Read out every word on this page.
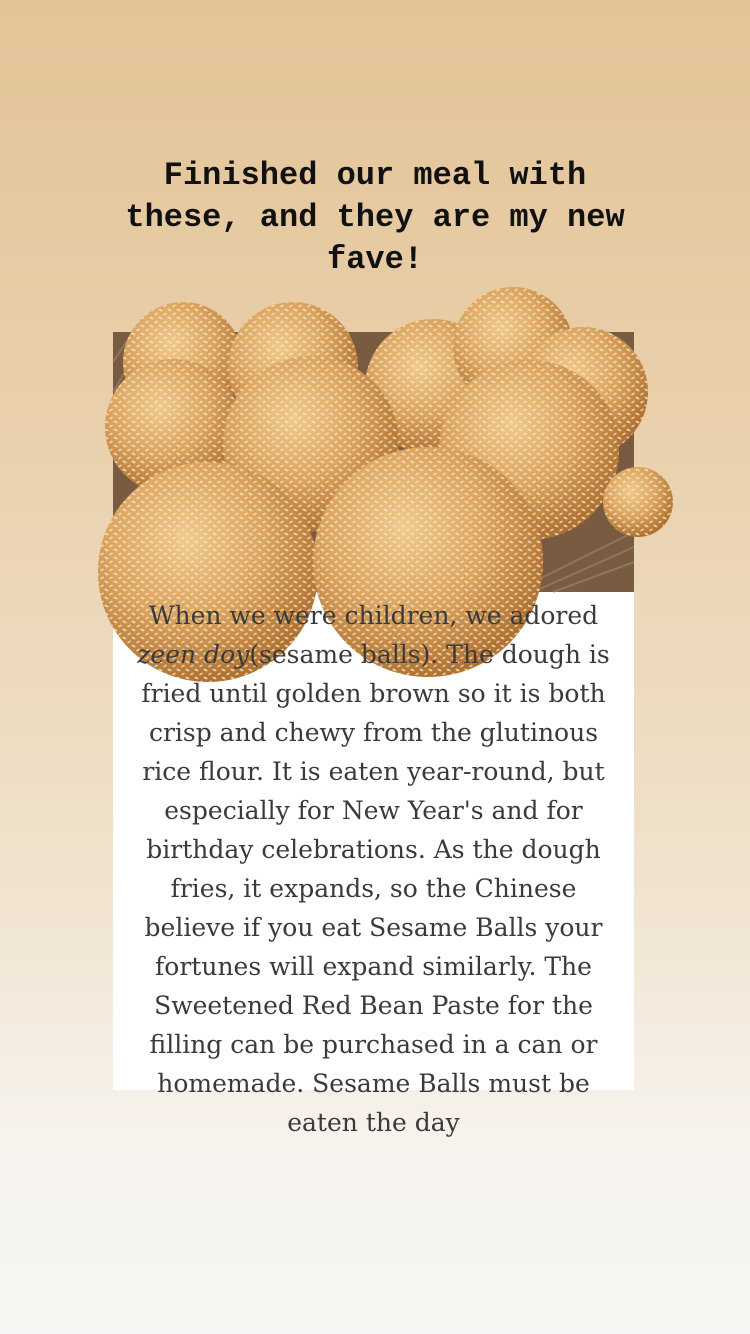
Finished our meal with these, and they are my new fave!

When we were children, we adored zeen doy(sesame balls). The dough is fried until golden brown so it is both crisp and chewy from the glutinous rice flour. It is eaten year-round, but especially for New Year's and for birthday celebrations. As the dough fries, it expands, so the Chinese believe if you eat Sesame Balls your fortunes will expand similarly. The Sweetened Red Bean Paste for the filling can be purchased in a can or homemade. Sesame Balls must be eaten the day
